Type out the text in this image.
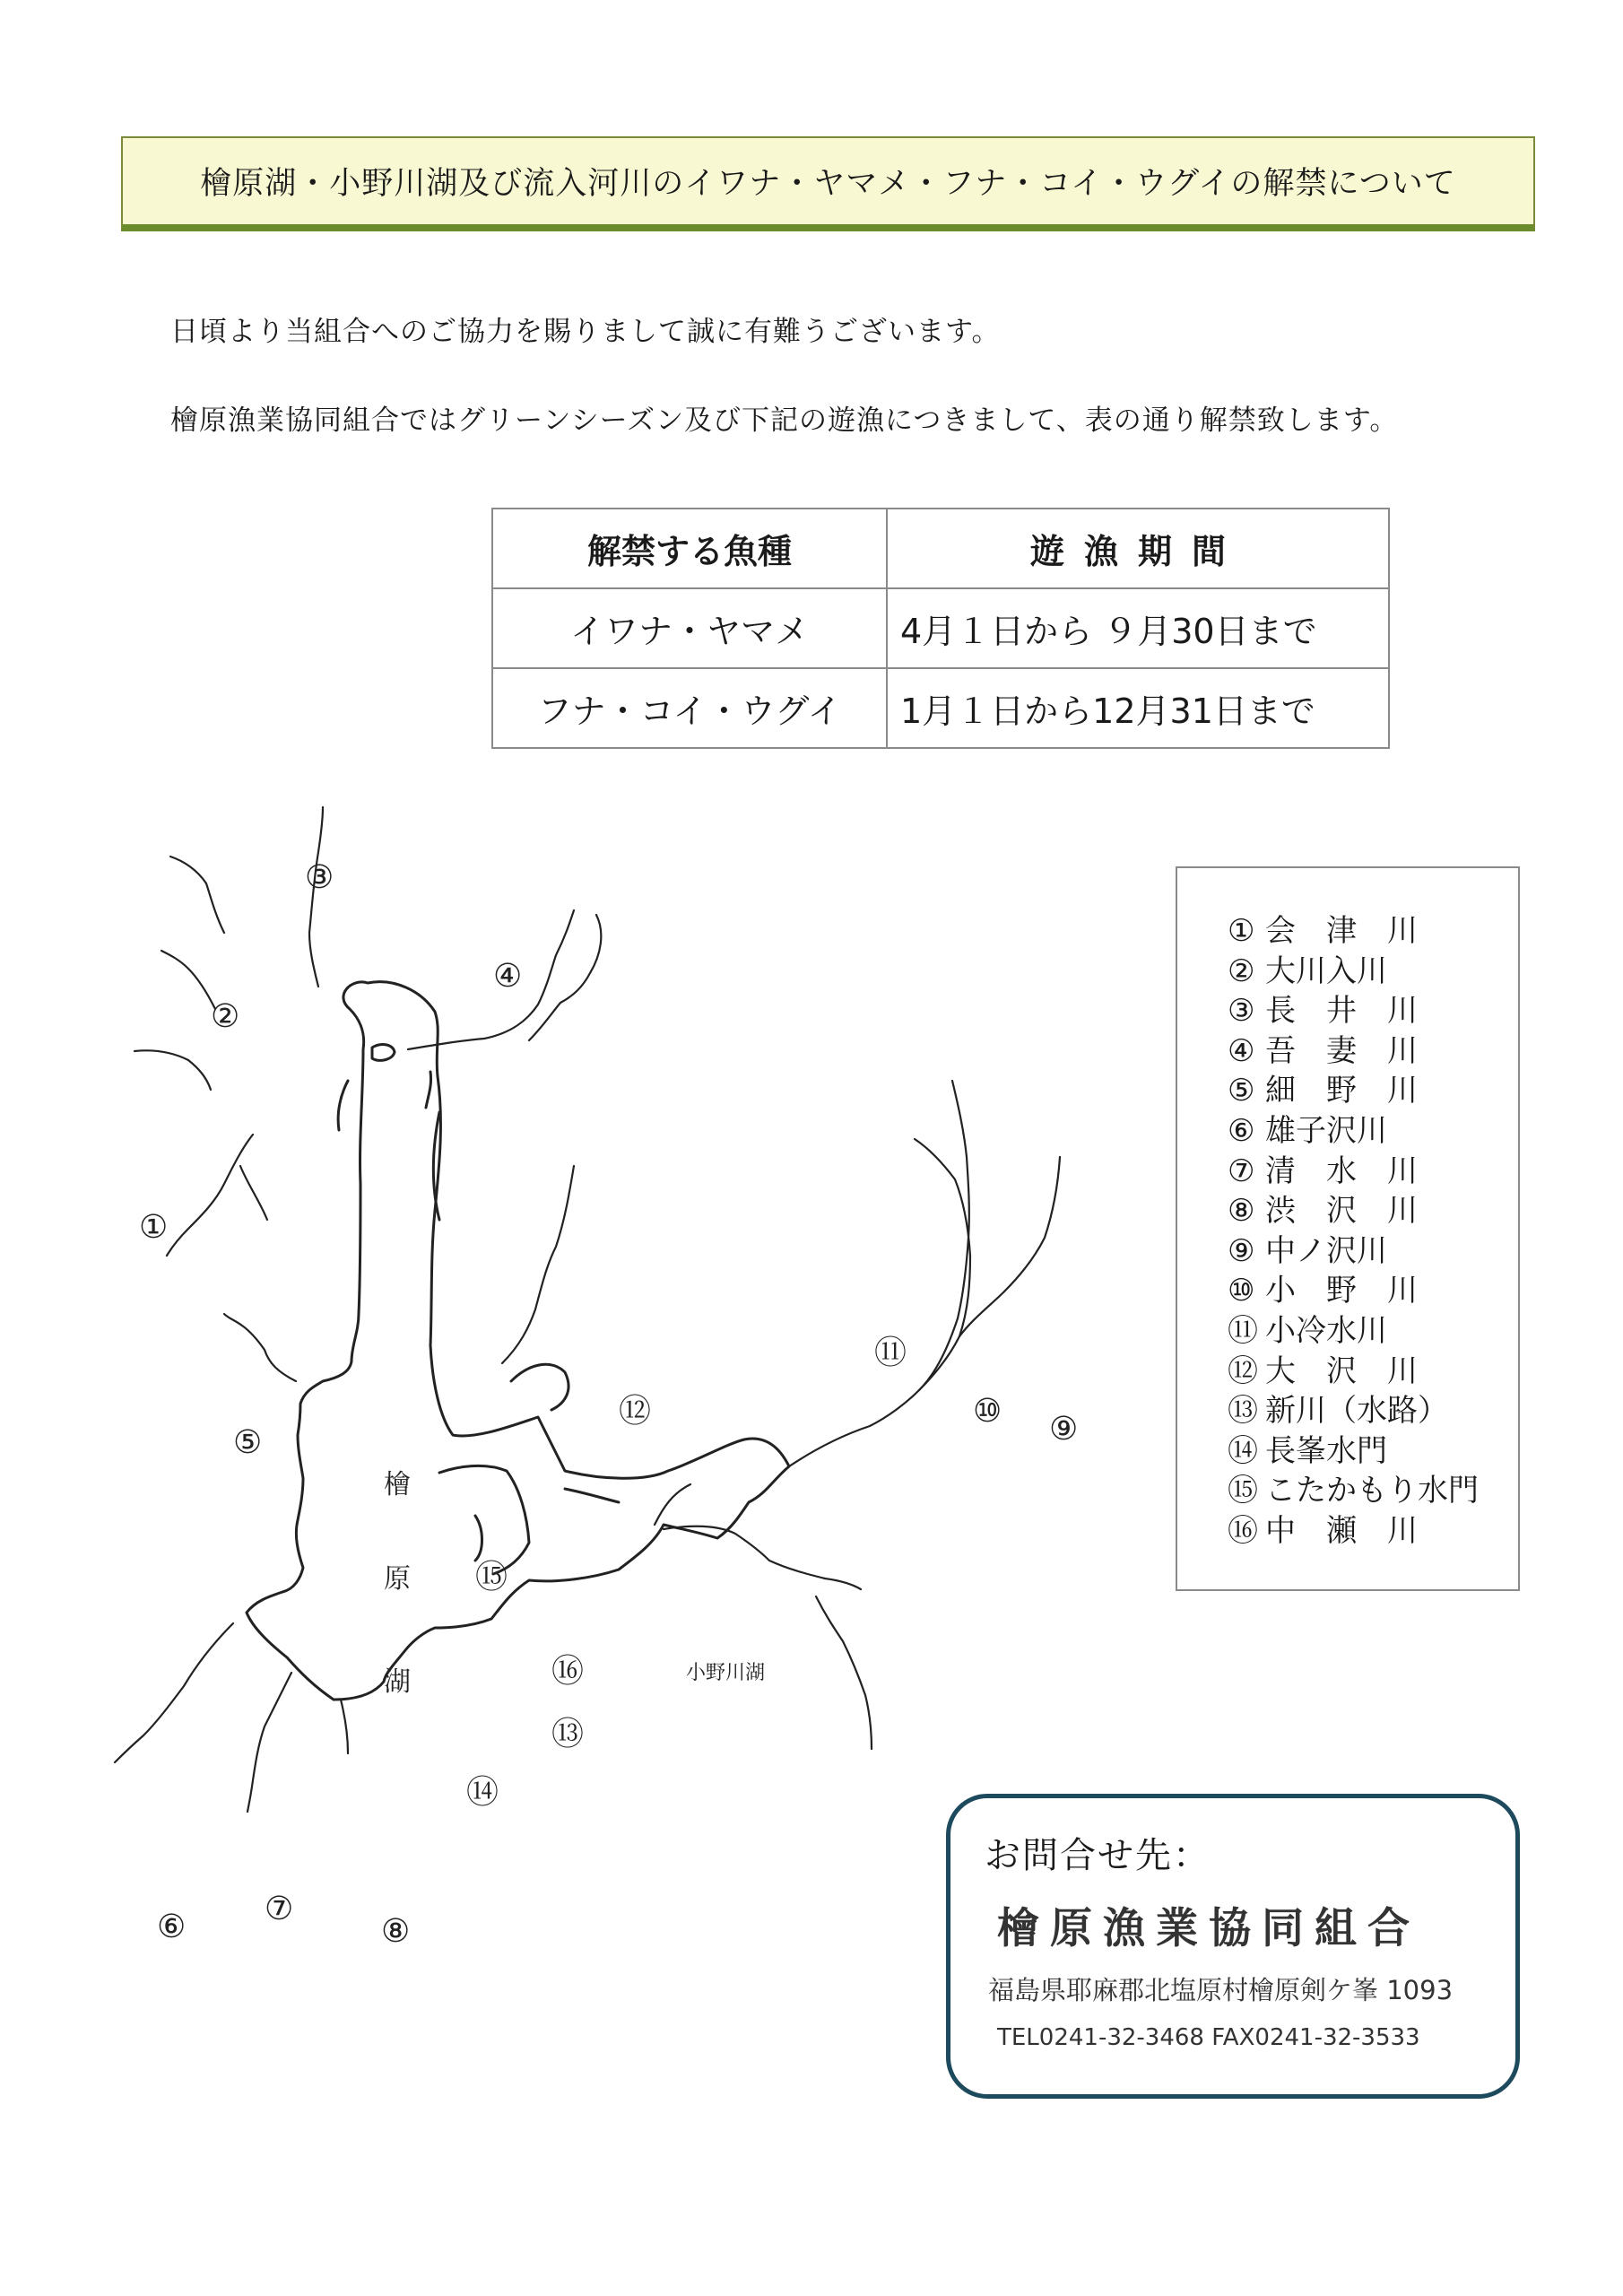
檜原湖・小野川湖及び流入河川のイワナ・ヤマメ・フナ・コイ・ウグイの解禁について
日頃より当組合へのご協力を賜りまして誠に有難うございます。
檜原漁業協同組合ではグリーンシーズン及び下記の遊漁につきまして、表の通り解禁致します。
解禁する魚種	遊漁期間
イワナ・ヤマメ	4月１日から ９月30日まで
フナ・コイ・ウグイ	1月１日から12月31日まで
①
②
③
④
⑤
⑥ ⑦
⑧
⑨
⑩
⑪
⑫
⑬
⑭
⑮
⑯
檜
原
湖	小野川湖
① 会　津　川
② 大川入川
③ 長　井　川
④ 吾　妻　川
⑤ 細　野　川
⑥ 雄子沢川
⑦ 清　水　川
⑧ 渋　沢　川
⑨ 中ノ沢川
⑩ 小　野　川
⑪ 小冷水川
⑫ 大　沢　川
⑬ 新川（水路）
⑭ 長峯水門
⑮ こたかもり水門
⑯ 中　瀬　川
お問合せ先：
檜原漁業協同組合
福島県耶麻郡北塩原村檜原剣ケ峯 1093
TEL0241-32-3468 FAX0241-32-3533
